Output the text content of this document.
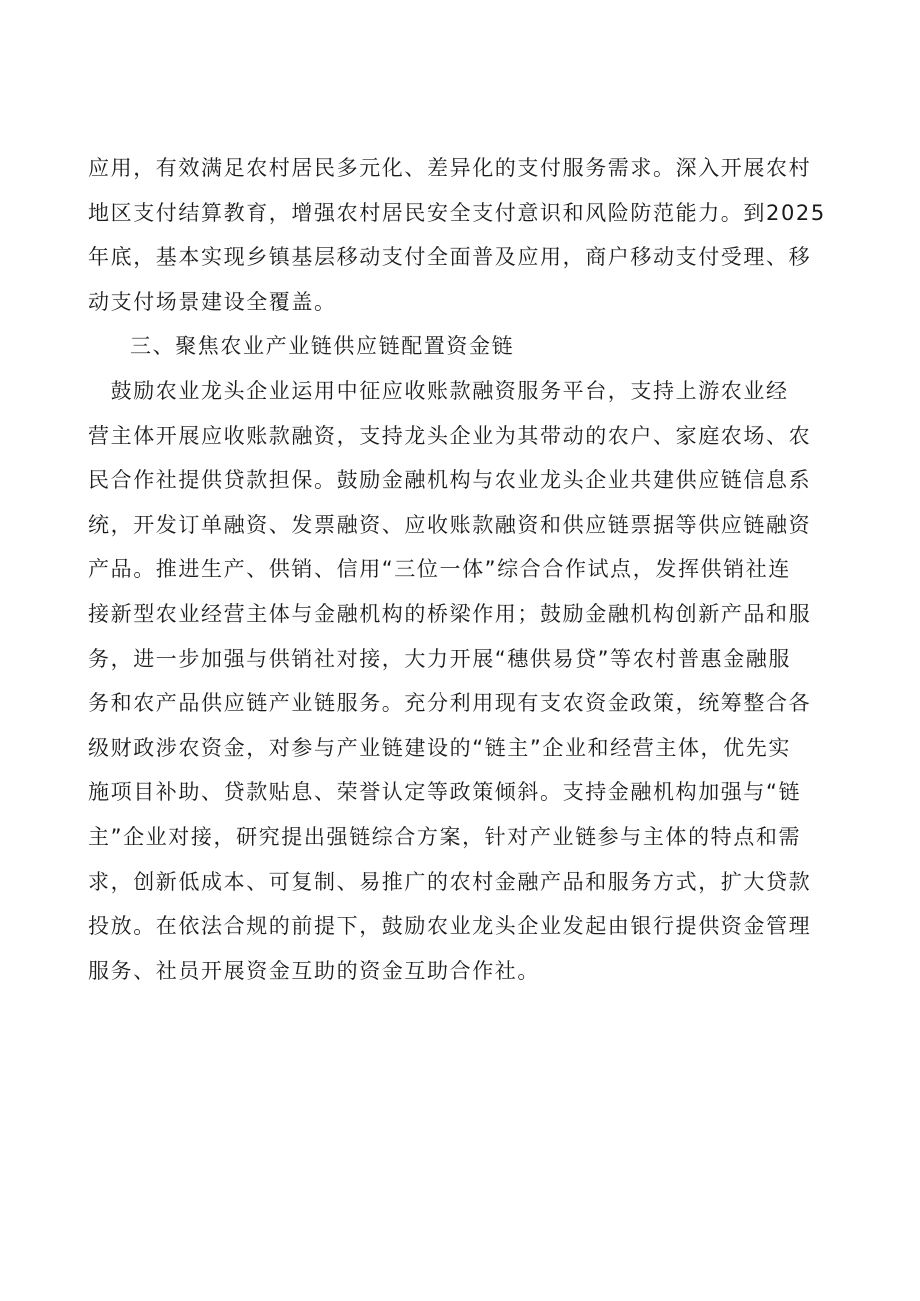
应用，有效满足农村居民多元化、差异化的支付服务需求。深入开展农村
地区支付结算教育，增强农村居民安全支付意识和风险防范能力。到2025
年底，基本实现乡镇基层移动支付全面普及应用，商户移动支付受理、移
动支付场景建设全覆盖。
三、聚焦农业产业链供应链配置资金链
　鼓励农业龙头企业运用中征应收账款融资服务平台，支持上游农业经
营主体开展应收账款融资，支持龙头企业为其带动的农户、家庭农场、农
民合作社提供贷款担保。鼓励金融机构与农业龙头企业共建供应链信息系
统，开发订单融资、发票融资、应收账款融资和供应链票据等供应链融资
产品。推进生产、供销、信用“三位一体”综合合作试点，发挥供销社连
接新型农业经营主体与金融机构的桥梁作用；鼓励金融机构创新产品和服
务，进一步加强与供销社对接，大力开展“穗供易贷”等农村普惠金融服
务和农产品供应链产业链服务。充分利用现有支农资金政策，统筹整合各
级财政涉农资金，对参与产业链建设的“链主”企业和经营主体，优先实
施项目补助、贷款贴息、荣誉认定等政策倾斜。支持金融机构加强与“链
主”企业对接，研究提出强链综合方案，针对产业链参与主体的特点和需
求，创新低成本、可复制、易推广的农村金融产品和服务方式，扩大贷款
投放。在依法合规的前提下，鼓励农业龙头企业发起由银行提供资金管理
服务、社员开展资金互助的资金互助合作社。
